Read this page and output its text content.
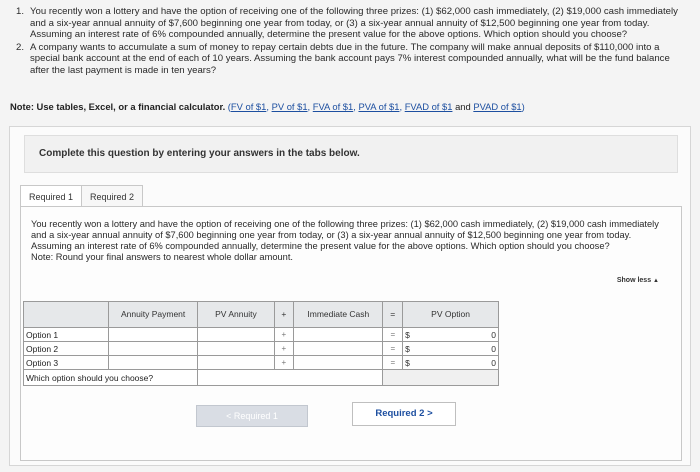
1. You recently won a lottery and have the option of receiving one of the following three prizes: (1) $62,000 cash immediately, (2) $19,000 cash immediately and a six-year annual annuity of $7,600 beginning one year from today, or (3) a six-year annual annuity of $12,500 beginning one year from today. Assuming an interest rate of 6% compounded annually, determine the present value for the above options. Which option should you choose?
2. A company wants to accumulate a sum of money to repay certain debts due in the future. The company will make annual deposits of $110,000 into a special bank account at the end of each of 10 years. Assuming the bank account pays 7% interest compounded annually, what will be the fund balance after the last payment is made in ten years?
Note: Use tables, Excel, or a financial calculator. (FV of $1, PV of $1, FVA of $1, PVA of $1, FVAD of $1 and PVAD of $1)
Complete this question by entering your answers in the tabs below.
Required 1	Required 2
You recently won a lottery and have the option of receiving one of the following three prizes: (1) $62,000 cash immediately, (2) $19,000 cash immediately and a six-year annual annuity of $7,600 beginning one year from today, or (3) a six-year annual annuity of $12,500 beginning one year from today. Assuming an interest rate of 6% compounded annually, determine the present value for the above options. Which option should you choose?
Note: Round your final answers to nearest whole dollar amount.
Show less ▲
	Annuity Payment	PV Annuity	+	Immediate Cash	=	PV Option
Option 1			+		=	$ 0

Option 2			+		=	$ 0

Option 3			+		=	$ 0

Which option should you choose?						
< Required 1	Required 2 >
